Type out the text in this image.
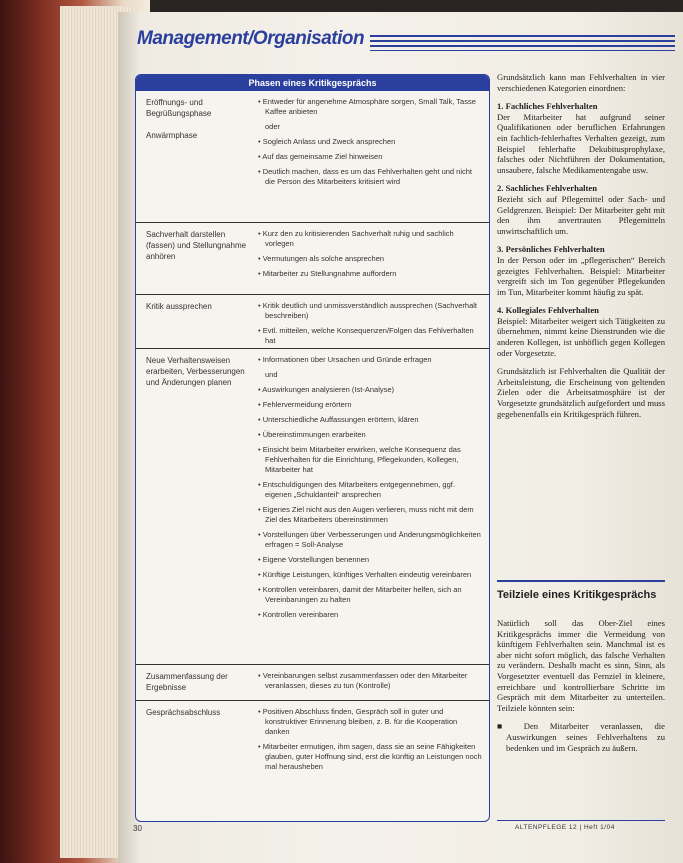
Management/Organisation
Phasen eines Kritikgesprächs
Eröffnungs- und
Begrüßungsphase
Anwärmphase
• Entweder für angenehme Atmosphäre sorgen, Small Talk, Tasse Kaffee anbieten
oder
• Sogleich Anlass und Zweck ansprechen
• Auf das gemeinsame Ziel hinweisen
• Deutlich machen, dass es um das Fehlverhalten geht und nicht die Person des Mitarbeiters kritisiert wird
Sachverhalt darstellen
(fassen) und Stellungnahme
anhören
• Kurz den zu kritisierenden Sachverhalt ruhig und sachlich vorlegen
• Vermutungen als solche ansprechen
• Mitarbeiter zu Stellungnahme auffordern
Kritik aussprechen	• Kritik deutlich und unmissverständlich aussprechen (Sachverhalt beschreiben)
• Evtl. mitteilen, welche Konsequenzen/Folgen das Fehlverhalten hat
Neue Verhaltensweisen
erarbeiten, Verbesserungen
und Änderungen planen
• Informationen über Ursachen und Gründe erfragen
und
• Auswirkungen analysieren (Ist-Analyse)
• Fehlervermeidung erörtern
• Unterschiedliche Auffassungen erörtern, klären
• Übereinstimmungen erarbeiten
• Einsicht beim Mitarbeiter erwirken, welche Konsequenz das Fehlverhalten für die Einrichtung, Pflegekunden, Kollegen, Mitarbeiter hat
• Entschuldigungen des Mitarbeiters entgegennehmen, ggf. eigenen „Schuldanteil“ ansprechen
• Eigenes Ziel nicht aus den Augen verlieren, muss nicht mit dem Ziel des Mitarbeiters übereinstimmen
• Vorstellungen über Verbesserungen und Änderungsmöglichkeiten erfragen = Soll-Analyse
• Eigene Vorstellungen benennen
• Künftige Leistungen, künftiges Verhalten eindeutig vereinbaren
• Kontrollen vereinbaren, damit der Mitarbeiter helfen, sich an Vereinbarungen zu halten
• Kontrollen vereinbaren
Zusammenfassung der
Ergebnisse
• Vereinbarungen selbst zusammenfassen oder den Mitarbeiter veranlassen, dieses zu tun (Kontrolle)
Gesprächsabschluss	• Positiven Abschluss finden, Gespräch soll in guter und konstruktiver Erinnerung bleiben, z. B. für die Kooperation danken
• Mitarbeiter ermutigen, ihm sagen, dass sie an seine Fähigkeiten glauben, guter Hoffnung sind, erst die künftig an Leistungen noch mal herausheben

Grundsätzlich kann man Fehlverhalten in vier verschiedenen Kategorien einordnen:

1. Fachliches Fehlverhalten

Der Mitarbeiter hat aufgrund seiner Qualifikationen oder beruflichen Erfahrungen ein fachlich-fehlerhaftes Verhalten gezeigt, zum Beispiel fehlerhafte Dekubitusprophylaxe, falsches oder Nichtführen der Dokumentation, unsaubere, falsche Medikamentengabe usw.

2. Sachliches Fehlverhalten

Bezieht sich auf Pflegemittel oder Sach- und Geldgrenzen. Beispiel: Der Mitarbeiter geht mit den ihm anvertrauten Pflegemitteln unwirtschaftlich um.

3. Persönliches Fehlverhalten

In der Person oder im „pflegerischen“ Bereich gezeigtes Fehlverhalten. Beispiel: Mitarbeiter vergreift sich im Ton gegenüber Pflegekunden im Tun, Mitarbeiter kommt häufig zu spät.

4. Kollegiales Fehlverhalten

Beispiel: Mitarbeiter weigert sich Tätigkeiten zu übernehmen, nimmt keine Dienstrunden wie die anderen Kollegen, ist unhöflich gegen Kollegen oder Vorgesetzte.

Grundsätzlich ist Fehlverhalten die Qualität der Arbeitsleistung, die Erscheinung von geltenden Zielen oder die Arbeitsatmosphäre ist der Vorgesetzte grundsätzlich aufgefordert und muss gegebenenfalls ein Kritikgespräch führen.

Teilziele eines Kritikgesprächs

Natürlich soll das Ober-Ziel eines Kritikgesprächs immer die Vermeidung von künftigem Fehlverhalten sein. Manchmal ist es aber nicht sofort möglich, das falsche Verhalten zu verändern. Deshalb macht es sinn, Sinn, als Vorgesetzter eventuell das Fernziel in kleinere, erreichbare und kontrollierbare Schritte im Gespräch mit dem Mitarbeiter zu unterteilen. Teilziele könnten sein:

■ Den Mitarbeiter veranlassen, die Auswirkungen seines Fehlverhaltens zu bedenken und im Gespräch zu äußern.

30	ALTENPFLEGE 12 | Heft 1/04
